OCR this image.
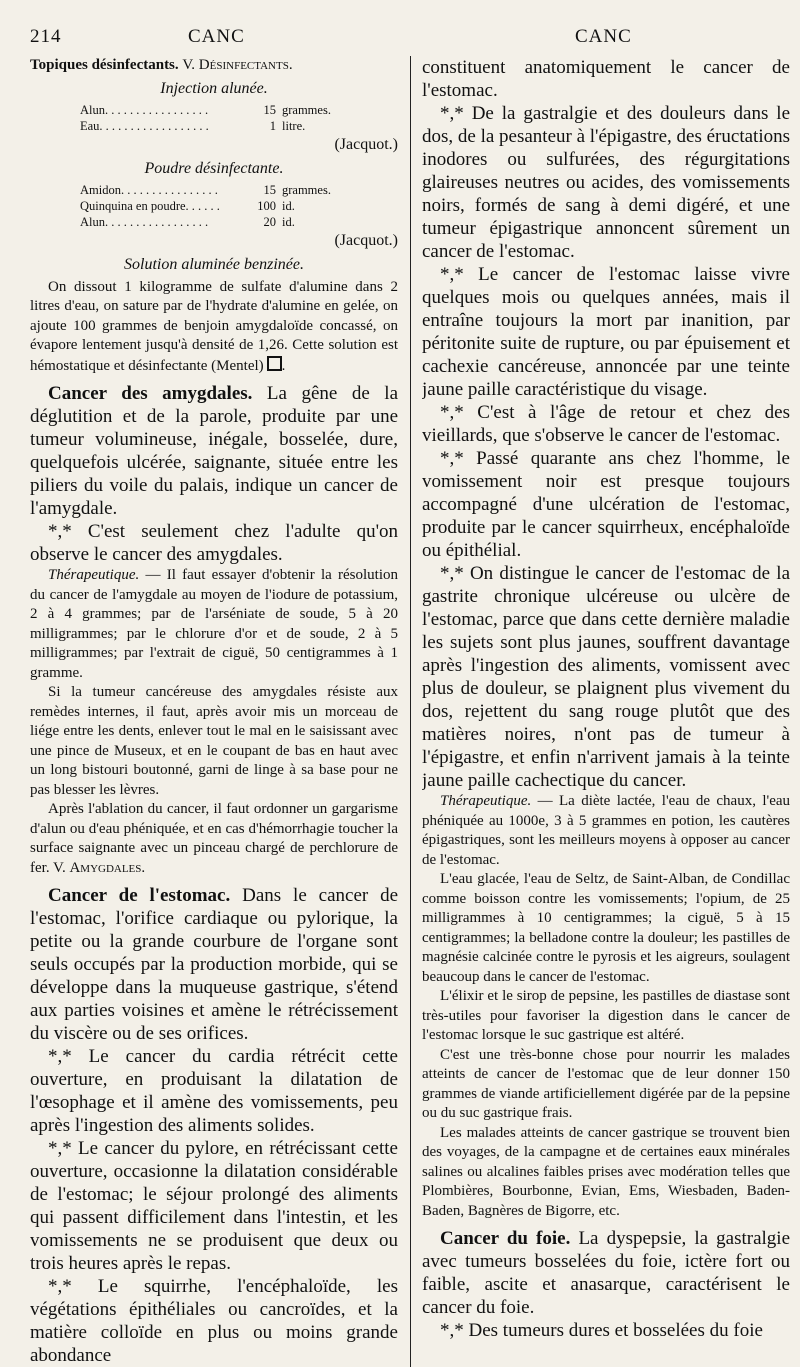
214	CANC	CANC

Topiques désinfectants. V. Désinfectants.

Injection alunée.
Alun. . . . . . . . . . . . . . . . .	15 grammes.
Eau. . . . . . . . . . . . . . . . . .	1 litre.
(Jacquot.)
Poudre désinfectante.
Amidon. . . . . . . . . . . . . . . .	15 grammes.
Quinquina en poudre. . . . . .	100 id.
Alun. . . . . . . . . . . . . . . . .	20 id.
(Jacquot.)
Solution aluminée benzinée.

On dissout 1 kilogramme de sulfate d'alumine dans 2 litres d'eau, on sature par de l'hydrate d'alumine en gelée, on ajoute 100 grammes de benjoin amygdaloïde concassé, on évapore lentement jusqu'à densité de 1,26. Cette solution est hémostatique et désinfectante (Mentel) .

Cancer des amygdales. La gêne de la déglutition et de la parole, produite par une tumeur volumineuse, inégale, bosselée, dure, quelquefois ulcérée, saignante, située entre les piliers du voile du palais, indique un cancer de l'amygdale.

*,* C'est seulement chez l'adulte qu'on observe le cancer des amygdales.

Thérapeutique. — Il faut essayer d'obtenir la résolution du cancer de l'amygdale au moyen de l'iodure de potassium, 2 à 4 grammes; par de l'arséniate de soude, 5 à 20 milligrammes; par le chlorure d'or et de soude, 2 à 5 milligrammes; par l'extrait de ciguë, 50 centigrammes à 1 gramme.

Si la tumeur cancéreuse des amygdales résiste aux remèdes internes, il faut, après avoir mis un morceau de liége entre les dents, enlever tout le mal en le saisissant avec une pince de Museux, et en le coupant de bas en haut avec un long bistouri boutonné, garni de linge à sa base pour ne pas blesser les lèvres.

Après l'ablation du cancer, il faut ordonner un gargarisme d'alun ou d'eau phéniquée, et en cas d'hémorrhagie toucher la surface saignante avec un pinceau chargé de perchlorure de fer. V. Amygdales.

Cancer de l'estomac. Dans le cancer de l'estomac, l'orifice cardiaque ou pylorique, la petite ou la grande courbure de l'organe sont seuls occupés par la production morbide, qui se développe dans la muqueuse gastrique, s'étend aux parties voisines et amène le rétrécissement du viscère ou de ses orifices.

*,* Le cancer du cardia rétrécit cette ouverture, en produisant la dilatation de l'œsophage et il amène des vomissements, peu après l'ingestion des aliments solides.

*,* Le cancer du pylore, en rétrécissant cette ouverture, occasionne la dilatation considérable de l'estomac; le séjour prolongé des aliments qui passent difficilement dans l'intestin, et les vomissements ne se produisent que deux ou trois heures après le repas.

*,* Le squirrhe, l'encéphaloïde, les végétations épithéliales ou cancroïdes, et la matière colloïde en plus ou moins grande abondance

constituent anatomiquement le cancer de l'estomac.

*,* De la gastralgie et des douleurs dans le dos, de la pesanteur à l'épigastre, des éructations inodores ou sulfurées, des régurgitations glaireuses neutres ou acides, des vomissements noirs, formés de sang à demi digéré, et une tumeur épigastrique annoncent sûrement un cancer de l'estomac.

*,* Le cancer de l'estomac laisse vivre quelques mois ou quelques années, mais il entraîne toujours la mort par inanition, par péritonite suite de rupture, ou par épuisement et cachexie cancéreuse, annoncée par une teinte jaune paille caractéristique du visage.

*,* C'est à l'âge de retour et chez des vieillards, que s'observe le cancer de l'estomac.

*,* Passé quarante ans chez l'homme, le vomissement noir est presque toujours accompagné d'une ulcération de l'estomac, produite par le cancer squirrheux, encéphaloïde ou épithélial.

*,* On distingue le cancer de l'estomac de la gastrite chronique ulcéreuse ou ulcère de l'estomac, parce que dans cette dernière maladie les sujets sont plus jaunes, souffrent davantage après l'ingestion des aliments, vomissent avec plus de douleur, se plaignent plus vivement du dos, rejettent du sang rouge plutôt que des matières noires, n'ont pas de tumeur à l'épigastre, et enfin n'arrivent jamais à la teinte jaune paille cachectique du cancer.

Thérapeutique. — La diète lactée, l'eau de chaux, l'eau phéniquée au 1000e, 3 à 5 grammes en potion, les cautères épigastriques, sont les meilleurs moyens à opposer au cancer de l'estomac.

L'eau glacée, l'eau de Seltz, de Saint-Alban, de Condillac comme boisson contre les vomissements; l'opium, de 25 milligrammes à 10 centigrammes; la ciguë, 5 à 15 centigrammes; la belladone contre la douleur; les pastilles de magnésie calcinée contre le pyrosis et les aigreurs, soulagent beaucoup dans le cancer de l'estomac.

L'élixir et le sirop de pepsine, les pastilles de diastase sont très-utiles pour favoriser la digestion dans le cancer de l'estomac lorsque le suc gastrique est altéré.

C'est une très-bonne chose pour nourrir les malades atteints de cancer de l'estomac que de leur donner 150 grammes de viande artificiellement digérée par de la pepsine ou du suc gastrique frais.

Les malades atteints de cancer gastrique se trouvent bien des voyages, de la campagne et de certaines eaux minérales salines ou alcalines faibles prises avec modération telles que Plombières, Bourbonne, Evian, Ems, Wiesbaden, Baden-Baden, Bagnères de Bigorre, etc.

Cancer du foie. La dyspepsie, la gastralgie avec tumeurs bosselées du foie, ictère fort ou faible, ascite et anasarque, caractérisent le cancer du foie.

*,* Des tumeurs dures et bosselées du foie
